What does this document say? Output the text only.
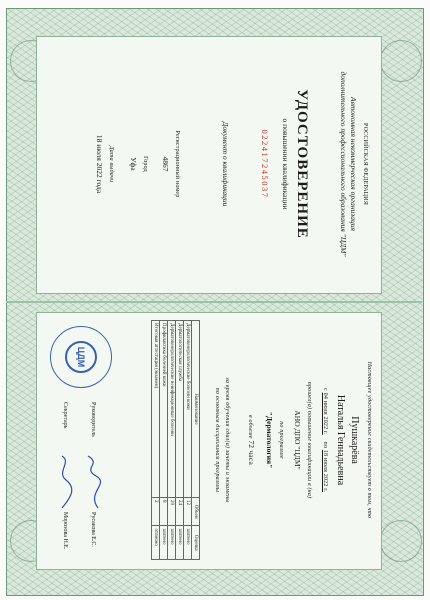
РОССИЙСКАЯ ФЕДЕРАЦИЯ
Автономная некоммерческая организация
дополнительного профессионального образования "ЦДМ"
УДОСТОВЕРЕНИЕ
о повышении квалификации
022417245037
Документ о квалификации
Регистрационный номер
4867
Город
Уфа
Дата выдачи
18 июля 2022 года
Настоящее удостоверение свидетельствует о том, что
Пушкарёва
Наталья Геннадьевна
с 04 июля 2022 г.    по 18 июля 2022 г.
прошел(а) повышение квалификации в (на)
АНО ДПО "ЦДМ"
по программе
"Дерматология"
в объеме 72 часа
за время обучения сдал(а) зачеты и экзамены
по основным дисциплинам программы
Наименование	Объем	Оценка
Дерматовенерологические болезни кожи	12	зачтено
Дерматологическая служба	24	зачтено
Дерматовенерологические неинфекционные болезни	20	зачтено
Профилактика болезней кожи	8	зачтено
Итоговая аттестация (экзамен)	2	отлично
ЦДМ
Руководитель
Русакова Е.С.
Секретарь
Морозова Н.Е.
